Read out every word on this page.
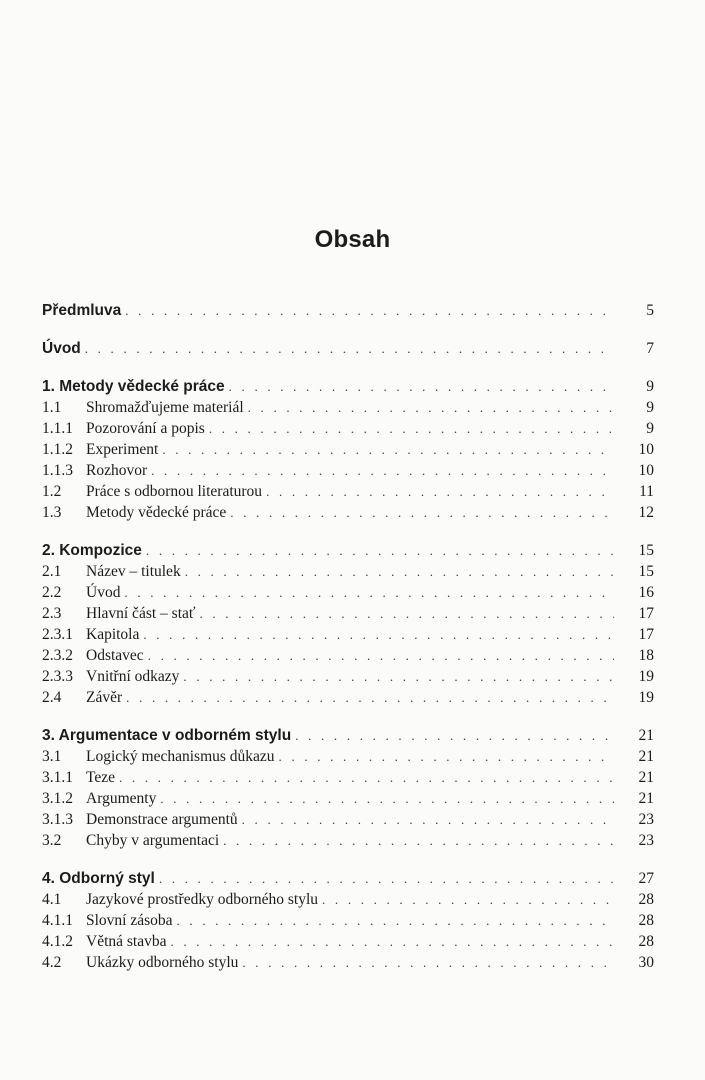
Obsah
Předmluva . . .	5
Úvod . . .	7
1. Metody vědecké práce . . .	9
1.1	Shromažďujeme materiál . . .	9
1.1.1 Pozorování a popis . . .	9
1.1.2 Experiment . . .	10
1.1.3 Rozhovor . . .	10
1.2	Práce s odbornou literaturou . . .	11
1.3	Metody vědecké práce . . .	12
2. Kompozice . . .	15
2.1	Název – titulek . . .	15
2.2	Úvod . . .	16
2.3	Hlavní část – stať . . .	17
2.3.1 Kapitola . . .	17
2.3.2 Odstavec . . .	18
2.3.3 Vnitřní odkazy . . .	19
2.4	Závěr . . .	19
3. Argumentace v odborném stylu . . .	21
3.1	Logický mechanismus důkazu . . .	21
3.1.1 Teze . . .	21
3.1.2 Argumenty . . .	21
3.1.3 Demonstrace argumentů . . .	23
3.2	Chyby v argumentaci . . .	23
4. Odborný styl . . .	27
4.1	Jazykové prostředky odborného stylu . . .	28
4.1.1 Slovní zásoba . . .	28
4.1.2 Větná stavba . . .	28
4.2	Ukázky odborného stylu . . .	30
